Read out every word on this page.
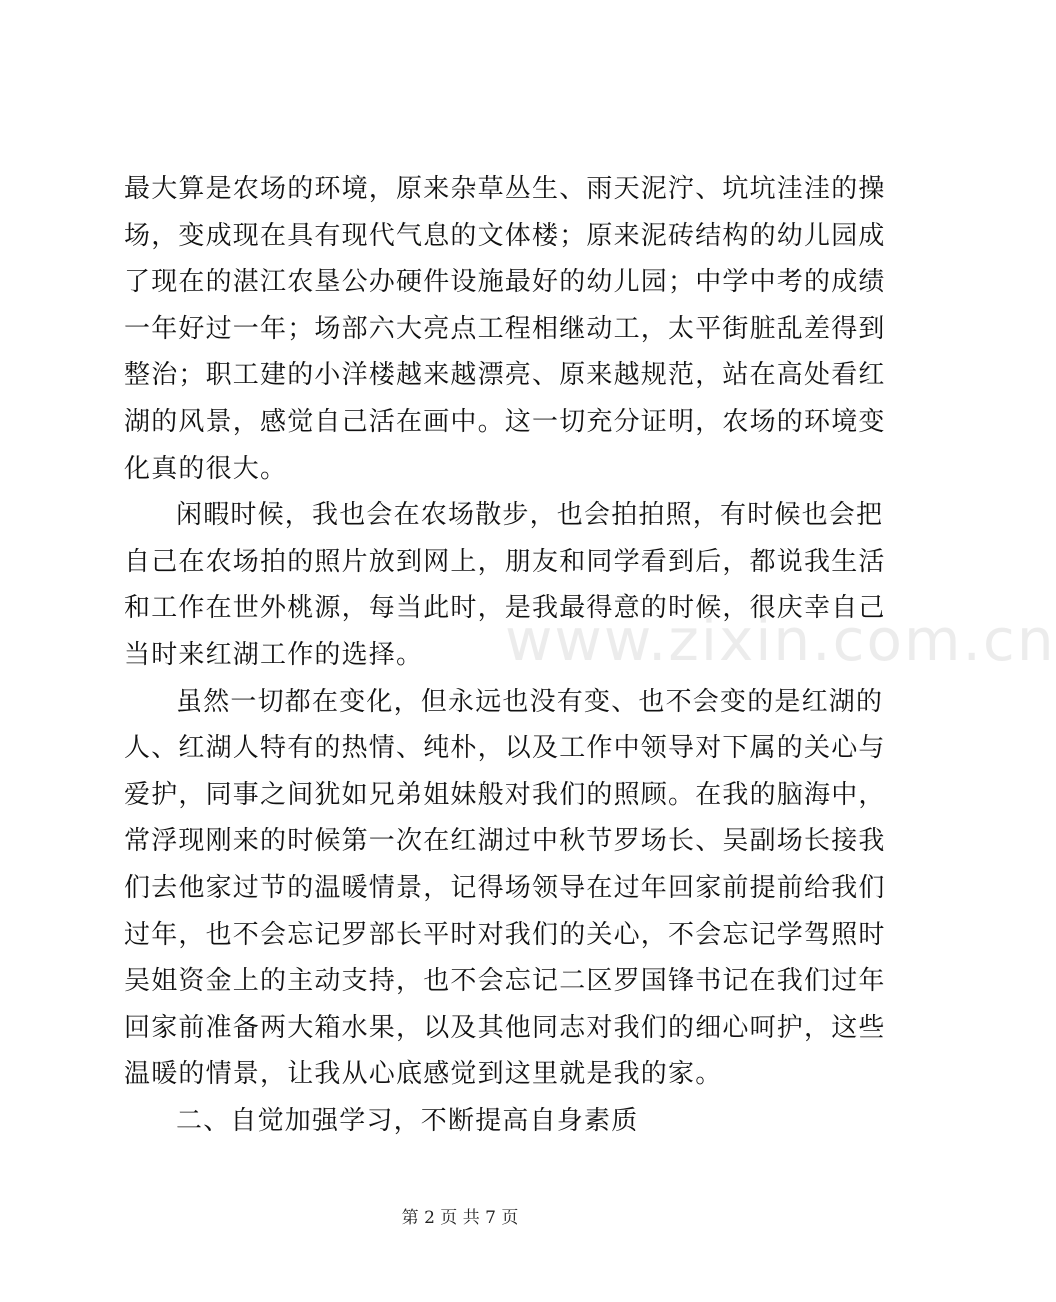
最大算是农场的环境，原来杂草丛生、雨天泥泞、坑坑洼洼的操
场，变成现在具有现代气息的文体楼；原来泥砖结构的幼儿园成
了现在的湛江农垦公办硬件设施最好的幼儿园；中学中考的成绩
一年好过一年；场部六大亮点工程相继动工，太平街脏乱差得到
整治；职工建的小洋楼越来越漂亮、原来越规范，站在高处看红
湖的风景，感觉自己活在画中。这一切充分证明，农场的环境变
化真的很大。
闲暇时候，我也会在农场散步，也会拍拍照，有时候也会把
自己在农场拍的照片放到网上，朋友和同学看到后，都说我生活
和工作在世外桃源，每当此时，是我最得意的时候，很庆幸自己
当时来红湖工作的选择。
虽然一切都在变化，但永远也没有变、也不会变的是红湖的
人、红湖人特有的热情、纯朴，以及工作中领导对下属的关心与
爱护，同事之间犹如兄弟姐妹般对我们的照顾。在我的脑海中，
常浮现刚来的时候第一次在红湖过中秋节罗场长、吴副场长接我
们去他家过节的温暖情景，记得场领导在过年回家前提前给我们
过年，也不会忘记罗部长平时对我们的关心，不会忘记学驾照时
吴姐资金上的主动支持，也不会忘记二区罗国锋书记在我们过年
回家前准备两大箱水果，以及其他同志对我们的细心呵护，这些
温暖的情景，让我从心底感觉到这里就是我的家。
二、自觉加强学习，不断提高自身素质
www.zixin.com.cn
第 2 页 共 7 页
